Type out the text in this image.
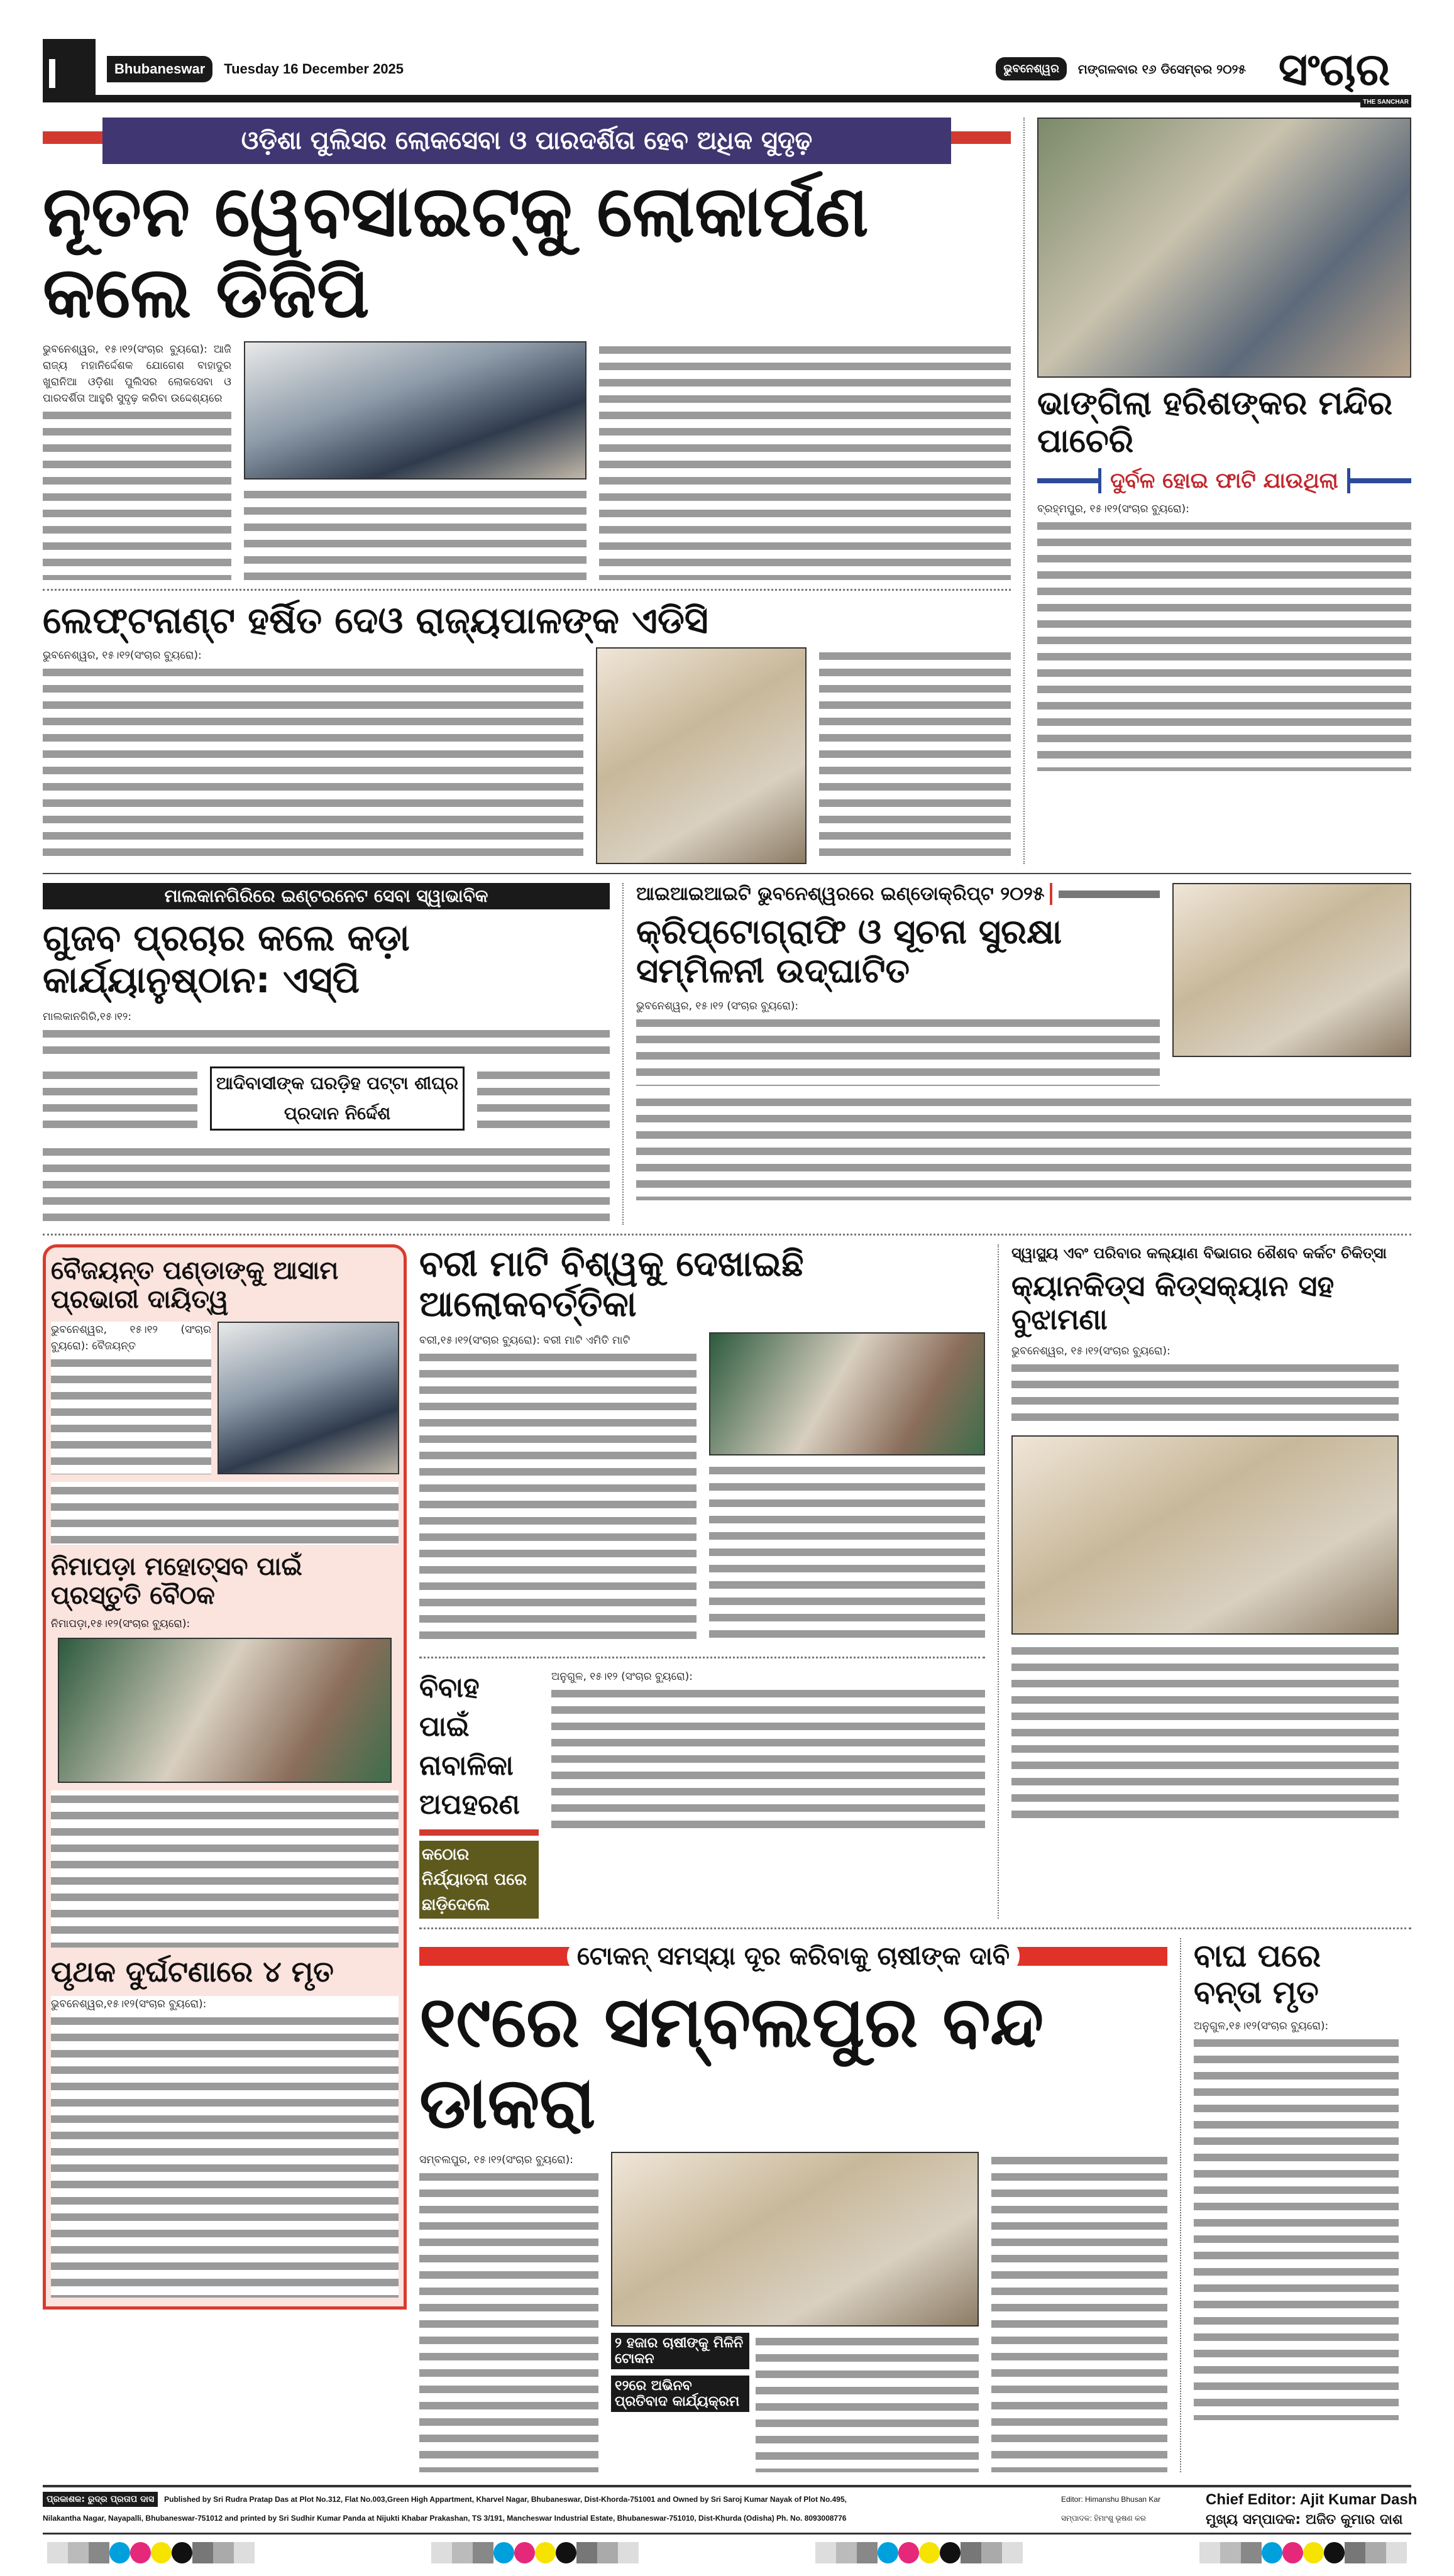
Bhubaneswar	Tuesday 16 December 2025	ଭୁବନେଶ୍ୱର	ମଙ୍ଗଳବାର ୧୬ ଡିସେମ୍ବର ୨୦୨୫ ସଂଚାର
THE SANCHAR
ଓଡ଼ିଶା ପୁଲିସର ଲୋକସେବା ଓ ପାରଦର୍ଶିତା ହେବ ଅଧିକ ସୁଦୃଢ଼
ନୂତନ ୱେବସାଇଟ୍‌କୁ ଲୋକାର୍ପଣ କଲେ ଡିଜିପି
ଭୁବନେଶ୍ୱର, ୧୫।୧୨(ସଂଚାର ବ୍ୟୁରୋ): ଆଜି ରାଜ୍ୟ ମହାନିର୍ଦ୍ଦେଶକ ଯୋଗେଶ ବାହାଦୁର ଖୁରାନିଆ ଓଡ଼ିଶା ପୁଲିସର ଲୋକସେବା ଓ ପାରଦର୍ଶିତା ଆହୁରି ସୁଦୃଢ଼ କରିବା ଉଦ୍ଦେଶ୍ୟରେ
ଲେଫ୍ଟନାଣ୍ଟ ହର୍ଷିତ ଦେଓ ରାଜ୍ୟପାଳଙ୍କ ଏଡିସି
ଭୁବନେଶ୍ୱର, ୧୫।୧୨(ସଂଚାର ବ୍ୟୁରୋ):
ଭାଙ୍ଗିଲା ହରିଶଙ୍କର ମନ୍ଦିର ପାଚେରି
ଦୁର୍ବଳ ହୋଇ ଫାଟି ଯାଉଥିଲା
ବ୍ରହ୍ମପୁର, ୧୫।୧୨(ସଂଚାର ବ୍ୟୁରୋ):
ମାଲକାନଗିରିରେ ଇଣ୍ଟରନେଟ ସେବା ସ୍ୱାଭାବିକ
ଗୁଜବ ପ୍ରଚାର କଲେ କଡ଼ା କାର୍ଯ୍ୟାନୁଷ୍ଠାନ: ଏସ୍‌ପି
ମାଲକାନଗିରି,୧୫।୧୨:
ଆଦିବାସୀଙ୍କ ଘରଡ଼ିହ ପଟ୍ଟା ଶୀଘ୍ର ପ୍ରଦାନ ନିର୍ଦ୍ଦେଶ
ଆଇଆଇଆଇଟି ଭୁବନେଶ୍ୱରରେ ଇଣ୍ଡୋକ୍ରିପ୍ଟ ୨୦୨୫
କ୍ରିପ୍ଟୋଗ୍ରାଫି ଓ ସୂଚନା ସୁରକ୍ଷା ସମ୍ମିଳନୀ ଉଦ୍‌ଘାଟିତ
ଭୁବନେଶ୍ୱର, ୧୫।୧୨ (ସଂଚାର ବ୍ୟୁରୋ):
ବୈଜୟନ୍ତ ପଣ୍ଡାଙ୍କୁ ଆସାମ ପ୍ରଭାରୀ ଦାୟିତ୍ୱ
ଭୁବନେଶ୍ୱର, ୧୫।୧୨ (ସଂଚାର ବ୍ୟୁରୋ): ବୈଜୟନ୍ତ
ନିମାପଡ଼ା ମହୋତ୍ସବ ପାଇଁ ପ୍ରସ୍ତୁତି ବୈଠକ
ନିମାପଡ଼ା,୧୫।୧୨(ସଂଚାର ବ୍ୟୁରୋ):
ପୃଥକ ଦୁର୍ଘଟଣାରେ ୪ ମୃତ
ଭୁବନେଶ୍ୱର,୧୫।୧୨(ସଂଚାର ବ୍ୟୁରୋ):
ବରୀ ମାଟି ବିଶ୍ୱକୁ ଦେଖାଇଛି ଆଲୋକବର୍ତ୍ତିକା
ବରୀ,୧୫।୧୨(ସଂଚାର ବ୍ୟୁରୋ): ବରୀ ମାଟି ଏମିତି ମାଟି
ବିବାହ ପାଇଁ ନାବାଳିକା ଅପହରଣ
କଠୋର ନିର୍ଯ୍ୟାତନା ପରେ ଛାଡ଼ିଦେଲେ
ଅନୁଗୁଳ, ୧୫।୧୨ (ସଂଚାର ବ୍ୟୁରୋ):
ସ୍ୱାସ୍ଥ୍ୟ ଏବଂ ପରିବାର କଲ୍ୟାଣ ବିଭାଗର ଶୈଶବ କର୍କଟ ଚିକିତ୍ସା
କ୍ୟାନକିଡ୍ସ କିଡ୍ସକ୍ୟାନ ସହ ବୁଝାମଣା
ଭୁବନେଶ୍ୱର, ୧୫।୧୨(ସଂଚାର ବ୍ୟୁରୋ):
ଟୋକନ୍ ସମସ୍ୟା ଦୂର କରିବାକୁ ଚାଷୀଙ୍କ ଦାବି
୧୯ରେ ସମ୍ବଲପୁର ବନ୍ଦ ଡାକରା
ସମ୍ବଲପୁର, ୧୫।୧୨(ସଂଚାର ବ୍ୟୁରୋ):
୨ ହଜାର ଚାଷୀଙ୍କୁ ମିଳିନି ଟୋକନ
୧୨ରେ ଅଭିନବ ପ୍ରତିବାଦ କାର୍ଯ୍ୟକ୍ରମ
ବାଘ ପରେ ବନ୍ତା ମୃତ
ଅନୁଗୁଳ,୧୫।୧୨(ସଂଚାର ବ୍ୟୁରୋ):
ପ୍ରକାଶକ: ରୁଦ୍ର ପ୍ରତାପ ଦାସ Published by Sri Rudra Pratap Das at Plot No.312, Flat No.003,Green High Appartment, Kharvel Nagar, Bhubaneswar, Dist-Khorda-751001 and Owned by Sri Saroj Kumar Nayak of Plot No.495,
Nilakantha Nagar, Nayapalli, Bhubaneswar-751012 and printed by Sri Sudhir Kumar Panda at Nijukti Khabar Prakashan, TS 3/191, Mancheswar Industrial Estate, Bhubaneswar-751010, Dist-Khurda (Odisha) Ph. No. 8093008776
Editor: Himanshu Bhusan Kar
ସମ୍ପାଦକ: ହିମାଂଶୁ ଭୂଷଣ କର
Chief Editor: Ajit Kumar Dash
ମୁଖ୍ୟ ସମ୍ପାଦକ: ଅଜିତ କୁମାର ଦାଶ
